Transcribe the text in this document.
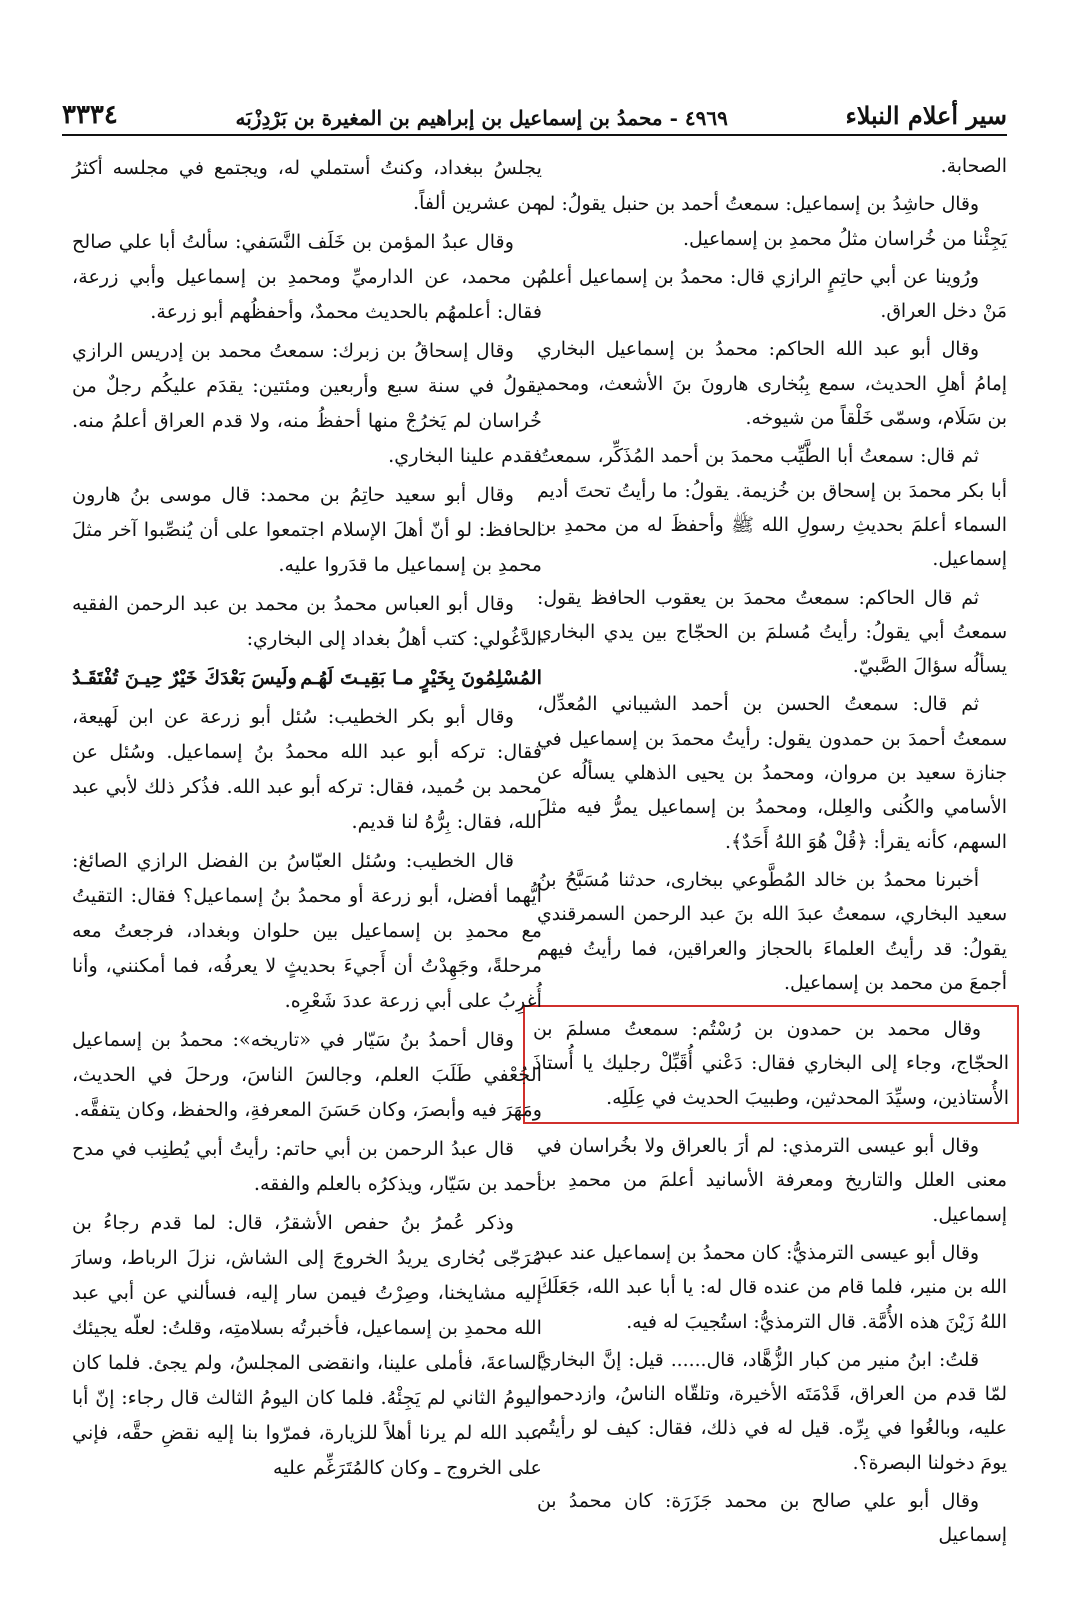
سير أعلام النبلاء
٤٩٦٩ - محمدُ بن إسماعيل بن إبراهيم بن المغيرة بن بَرْدِزْبَه
٣٣٣٤

الصحابة.

وقال حاشِدُ بن إسماعيل: سمعتُ أحمد بن حنبل يقولُ: لم يَجِئْنا من خُراسان مثلُ محمدِ بن إسماعيل.

ورُوينا عن أبي حاتِمٍ الرازي قال: محمدُ بن إسماعيل أعلمُ مَنْ دخل العراق.

وقال أبو عبد الله الحاكم: محمدُ بن إسماعيل البخاري إمامُ أهلِ الحديث، سمع بِبُخارى هارونَ بنَ الأشعث، ومحمد بن سَلَام، وسمّى خَلْقاً من شيوخه.

ثم قال: سمعتُ أبا الطَّيِّب محمدَ بن أحمد المُذَكِّر، سمعتُ أبا بكر محمدَ بن إسحاق بن خُزيمة. يقولُ: ما رأيتُ تحتَ أديم السماء أعلمَ بحديثِ رسولِ الله ﷺ وأحفظَ له من محمدِ بن إسماعيل.

ثم قال الحاكم: سمعتُ محمدَ بن يعقوب الحافظ يقول: سمعتُ أبي يقولُ: رأيتُ مُسلمَ بن الحجّاج بين يدي البخاري يسألُه سؤالَ الصَّبيّ.

ثم قال: سمعتُ الحسن بن أحمد الشيباني المُعدِّل، سمعتُ أحمدَ بن حمدون يقول: رأيتُ محمدَ بن إسماعيل في جنازة سعيد بن مروان، ومحمدُ بن يحيى الذهلي يسألُه عن الأسامي والكُنى والعِلل، ومحمدُ بن إسماعيل يمرُّ فيه مثلَ السهم، كأنه يقرأ: ﴿قُلْ هُوَ اللهُ أَحَدٌ﴾.

أخبرنا محمدُ بن خالد المُطَّوعي ببخارى، حدثنا مُسَبَّحُ بنُ سعيد البخاري، سمعتُ عبدَ الله بنَ عبد الرحمن السمرقندي يقولُ: قد رأيتُ العلماءَ بالحجاز والعراقين، فما رأيتُ فيهم أجمعَ من محمد بن إسماعيل.

وقال محمد بن حمدون بن رُسْتُم: سمعتُ مسلمَ بن الحجّاج، وجاء إلى البخاري فقال: دَعْني أُقَبِّلْ رجليك يا أُستاذَ الأُستاذين، وسيِّدَ المحدثين، وطبيبَ الحديث في عِلَلِه.

وقال أبو عيسى الترمذي: لم أرَ بالعراق ولا بخُراسان في معنى العلل والتاريخ ومعرفة الأسانيد أعلمَ من محمدِ بن إسماعيل.

وقال أبو عيسى الترمذيُّ: كان محمدُ بن إسماعيل عند عبد الله بن منير، فلما قام من عنده قال له: يا أبا عبد الله، جَعَلَكَ اللهُ زَيْنَ هذه الأُمَّة. قال الترمذيُّ: استُجيبَ له فيه.

قلتُ: ابنُ منير من كبار الزُّهَّاد، قال...... قيل: إنَّ البخاريَّ لمّا قدم من العراق، قَدْمَتَه الأخيرة، وتلقّاه الناسُ، وازدحموا عليه، وبالغُوا في بِرِّه. قيل له في ذلك، فقال: كيف لو رأيتُم يومَ دخولنا البصرة؟.

وقال أبو علي صالح بن محمد جَزَرَة: كان محمدُ بن إسماعيل

يجلسُ ببغداد، وكنتُ أستملي له، ويجتمع في مجلسه أكثرُ من عشرين ألفاً.

وقال عبدُ المؤمن بن خَلَف النَّسَفي: سألتُ أبا علي صالح بن محمد، عن الدارميِّ ومحمدِ بن إسماعيل وأبي زرعة، فقال: أعلمهُم بالحديث محمدٌ، وأحفظُهم أبو زرعة.

وقال إسحاقُ بن زبرك: سمعتُ محمد بن إدريس الرازي يقولُ في سنة سبع وأربعين ومئتين: يقدَم عليكُم رجلٌ من خُراسان لم يَخرُجْ منها أحفظُ منه، ولا قدم العراق أعلمُ منه. فقدم علينا البخاري.

وقال أبو سعيد حاتِمُ بن محمد: قال موسى بنُ هارون الحافظ: لو أنّ أهلَ الإسلام اجتمعوا على أن يُنصِّبوا آخر مثلَ محمدِ بن إسماعيل ما قدَروا عليه.

وقال أبو العباس محمدُ بن محمد بن عبد الرحمن الفقيه الدَّغُولي: كتب أهلُ بغداد إلى البخاري:

المُسْلِمُونَ بِخَيْرٍ مـا بَقِيـتَ لَهُـم
ولَيسَ بَعْدَكَ خَيْرٌ حِيـنَ تُفْتَقَـدُ

وقال أبو بكر الخطيب: سُئل أبو زرعة عن ابن لَهيعة، فقال: تركه أبو عبد الله محمدُ بنُ إسماعيل. وسُئل عن محمد بن حُميد، فقال: تركه أبو عبد الله. فذُكر ذلك لأبي عبد الله، فقال: بِرُّهُ لنا قديم.

قال الخطيب: وسُئل العبّاسُ بن الفضل الرازي الصائغ: أيُّهما أفضل، أبو زرعة أو محمدُ بنُ إسماعيل؟ فقال: التقيتُ مع محمدِ بن إسماعيل بين حلوان وبغداد، فرجعتُ معه مرحلةً، وجَهِدْتُ أن أَجيءَ بحديثٍ لا يعرفُه، فما أمكنني، وأنا أُغرِبُ على أبي زرعة عددَ شَعْرِه.

وقال أحمدُ بنُ سَيّار في «تاريخه»: محمدُ بن إسماعيل الجُعْفي طَلَبَ العلم، وجالسَ الناسَ، ورحلَ في الحديث، ومَهَرَ فيه وأبصرَ، وكان حَسَنَ المعرفةِ، والحفظ، وكان يتفقَّه.

قال عبدُ الرحمن بن أبي حاتم: رأيتُ أبي يُطنِب في مدح أحمد بن سَيّار، ويذكرُه بالعلم والفقه.

وذكر عُمرُ بنُ حفص الأشقرُ، قال: لما قدم رجاءُ بن مُرَجّى بُخارى يريدُ الخروجَ إلى الشاش، نزلَ الرباط، وسارَ إليه مشايخنا، وصِرْتُ فيمن سار إليه، فسألني عن أبي عبد الله محمدِ بن إسماعيل، فأخبرتُه بسلامتِه، وقلتُ: لعلّه يجيئك الساعةَ، فأملى علينا، وانقضى المجلسُ، ولم يجئ. فلما كان اليومُ الثاني لم يَجِئْهُ. فلما كان اليومُ الثالث قال رجاء: إنّ أبا عبد الله لم يرنا أهلاً للزيارة، فمرّوا بنا إليه نقضِ حقَّه، فإني على الخروج ـ وكان كالمُتَرَغِّم عليه
